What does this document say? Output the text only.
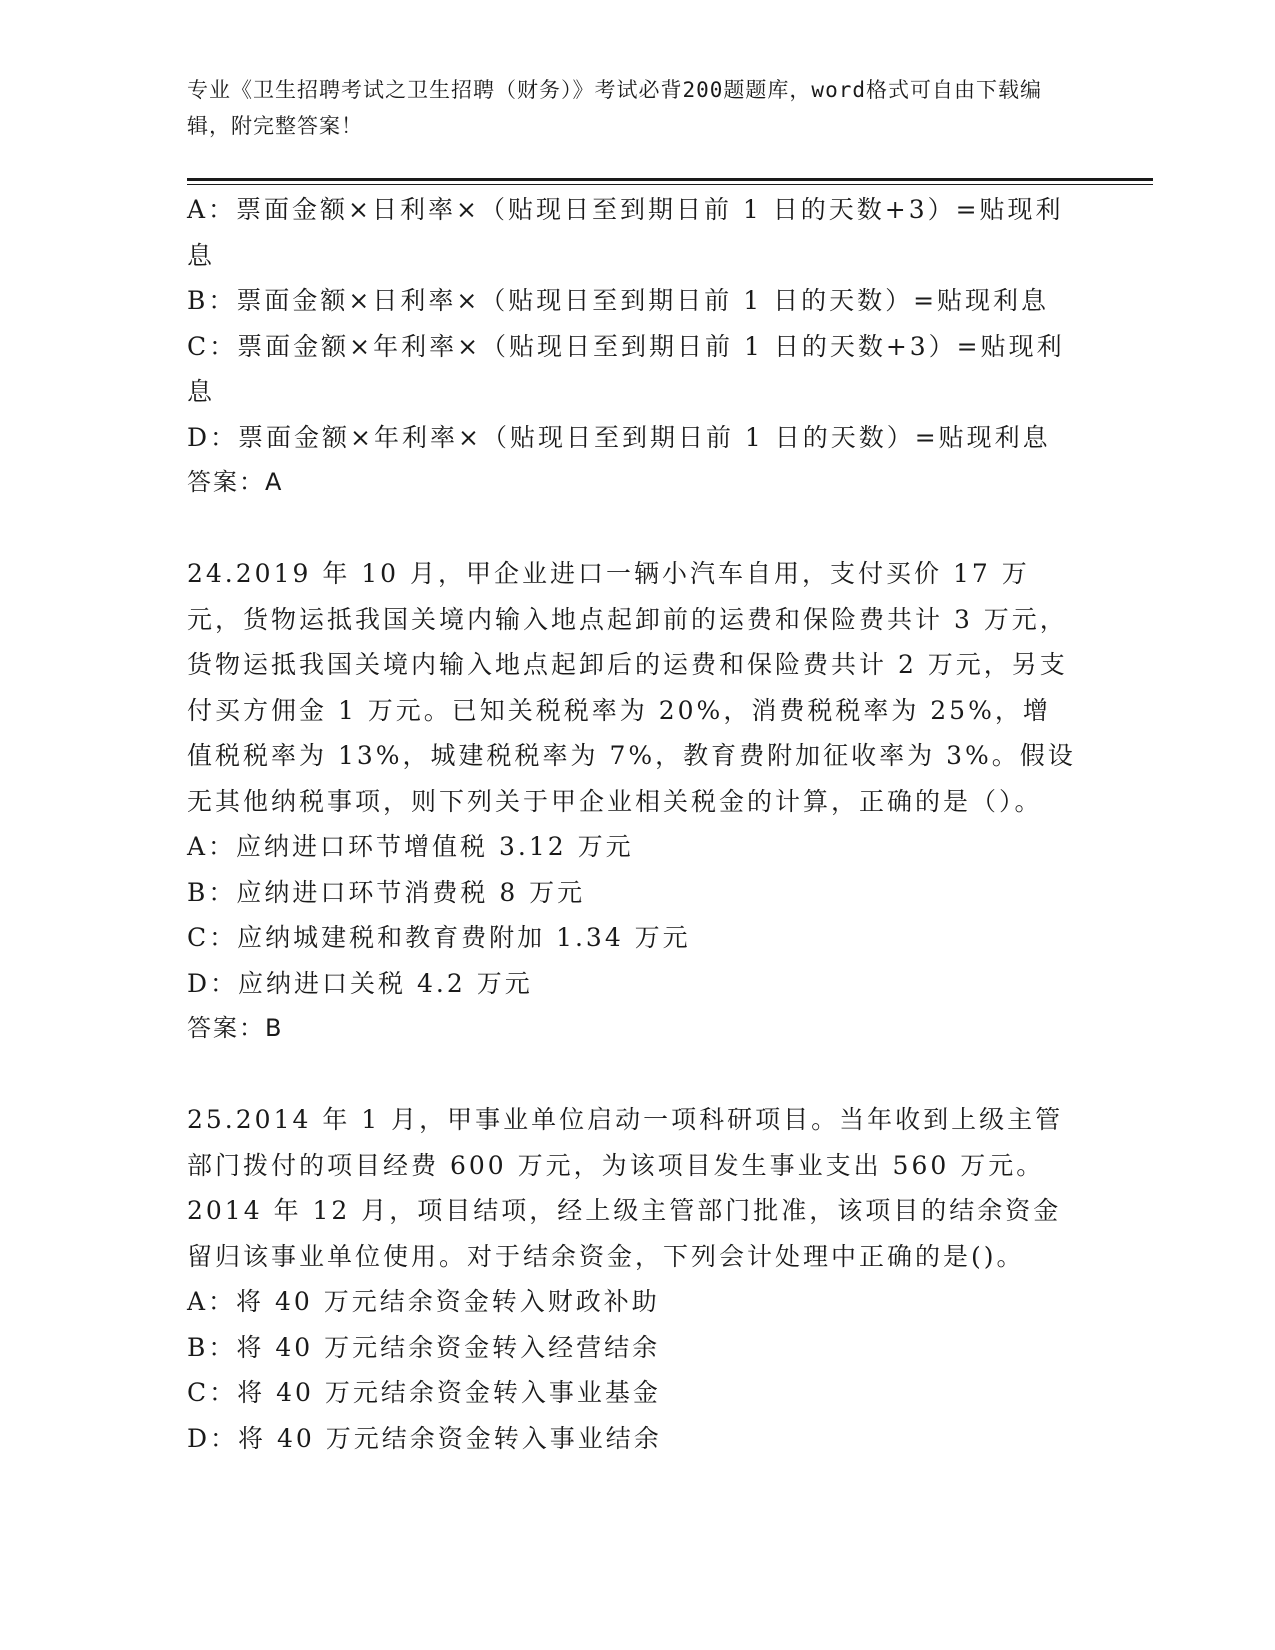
专业《卫生招聘考试之卫生招聘（财务）》考试必背200题题库，word格式可自由下载编辑，附完整答案！
A：票面金额×日利率×（贴现日至到期日前 1 日的天数+3）=贴现利息
B：票面金额×日利率×（贴现日至到期日前 1 日的天数）=贴现利息
C：票面金额×年利率×（贴现日至到期日前 1 日的天数+3）=贴现利息
D：票面金额×年利率×（贴现日至到期日前 1 日的天数）=贴现利息
答案：A
24.2019 年 10 月，甲企业进口一辆小汽车自用，支付买价 17 万元，货物运抵我国关境内输入地点起卸前的运费和保险费共计 3 万元，货物运抵我国关境内输入地点起卸后的运费和保险费共计 2 万元，另支付买方佣金 1 万元。已知关税税率为 20%，消费税税率为 25%，增值税税率为 13%，城建税税率为 7%，教育费附加征收率为 3%。假设无其他纳税事项，则下列关于甲企业相关税金的计算，正确的是（）。
A：应纳进口环节增值税 3.12 万元
B：应纳进口环节消费税 8 万元
C：应纳城建税和教育费附加 1.34 万元
D：应纳进口关税 4.2 万元
答案：B
25.2014 年 1 月，甲事业单位启动一项科研项目。当年收到上级主管部门拨付的项目经费 600 万元，为该项目发生事业支出 560 万元。2014 年 12 月，项目结项，经上级主管部门批准，该项目的结余资金留归该事业单位使用。对于结余资金，下列会计处理中正确的是()。
A：将 40 万元结余资金转入财政补助
B：将 40 万元结余资金转入经营结余
C：将 40 万元结余资金转入事业基金
D：将 40 万元结余资金转入事业结余
